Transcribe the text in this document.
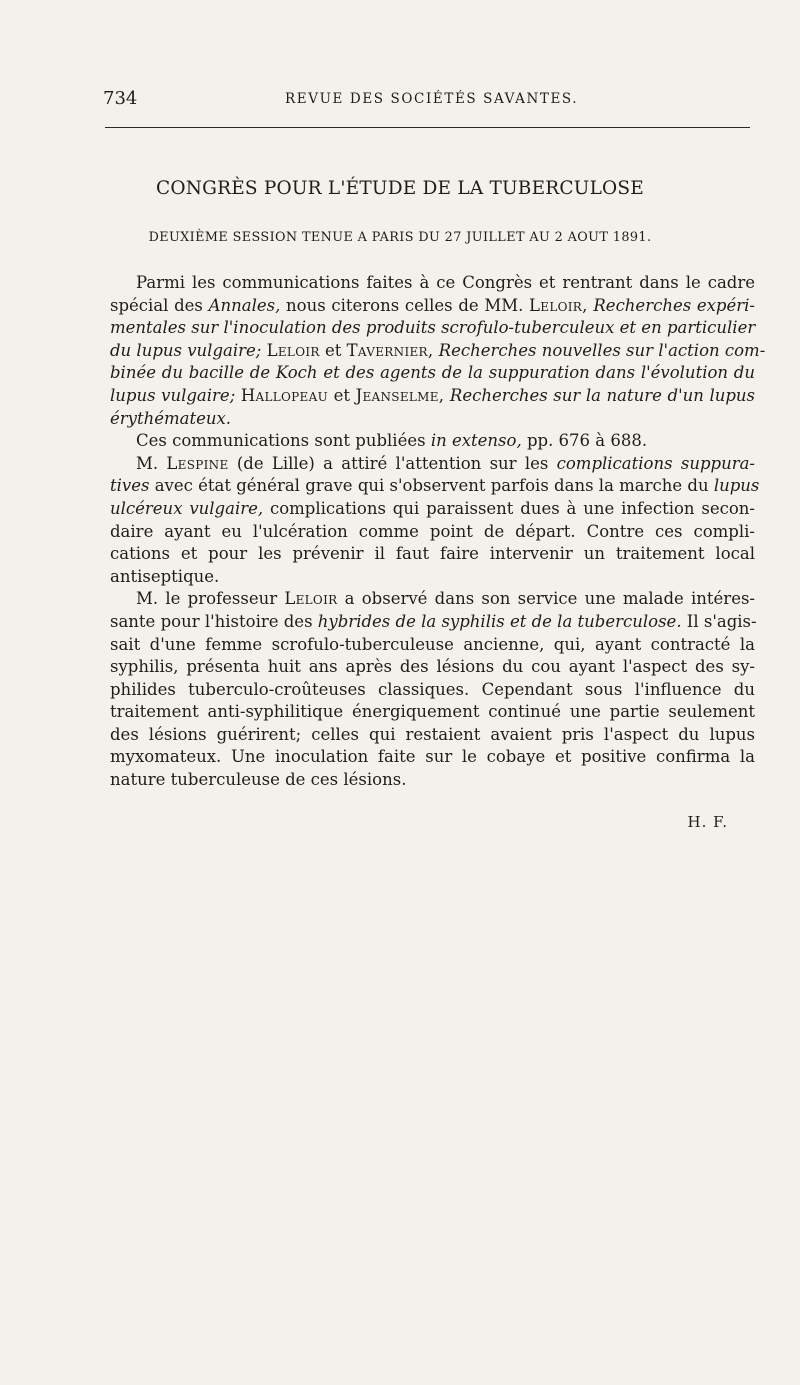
734	REVUE DES SOCIÉTÉS SAVANTES.
CONGRÈS POUR L'ÉTUDE DE LA TUBERCULOSE
DEUXIÈME SESSION TENUE A PARIS DU 27 JUILLET AU 2 AOUT 1891.
Parmi les communications faites à ce Congrès et rentrant dans le cadre
spécial des Annales, nous citerons celles de MM. Leloir, Recherches expéri-
mentales sur l'inoculation des produits scrofulo-tuberculeux et en particulier
du lupus vulgaire; Leloir et Tavernier, Recherches nouvelles sur l'action com-
binée du bacille de Koch et des agents de la suppuration dans l'évolution du
lupus vulgaire; Hallopeau et Jeanselme, Recherches sur la nature d'un lupus
érythémateux.
Ces communications sont publiées in extenso, pp. 676 à 688.
M. Lespine (de Lille) a attiré l'attention sur les complications suppura-
tives avec état général grave qui s'observent parfois dans la marche du lupus
ulcéreux vulgaire, complications qui paraissent dues à une infection secon-
daire ayant eu l'ulcération comme point de départ. Contre ces compli-
cations et pour les prévenir il faut faire intervenir un traitement local
antiseptique.
M. le professeur Leloir a observé dans son service une malade intéres-
sante pour l'histoire des hybrides de la syphilis et de la tuberculose. Il s'agis-
sait d'une femme scrofulo-tuberculeuse ancienne, qui, ayant contracté la
syphilis, présenta huit ans après des lésions du cou ayant l'aspect des sy-
philides tuberculo-croûteuses classiques. Cependant sous l'influence du
traitement anti-syphilitique énergiquement continué une partie seulement
des lésions guérirent; celles qui restaient avaient pris l'aspect du lupus
myxomateux. Une inoculation faite sur le cobaye et positive confirma la
nature tuberculeuse de ces lésions.
H. F.
